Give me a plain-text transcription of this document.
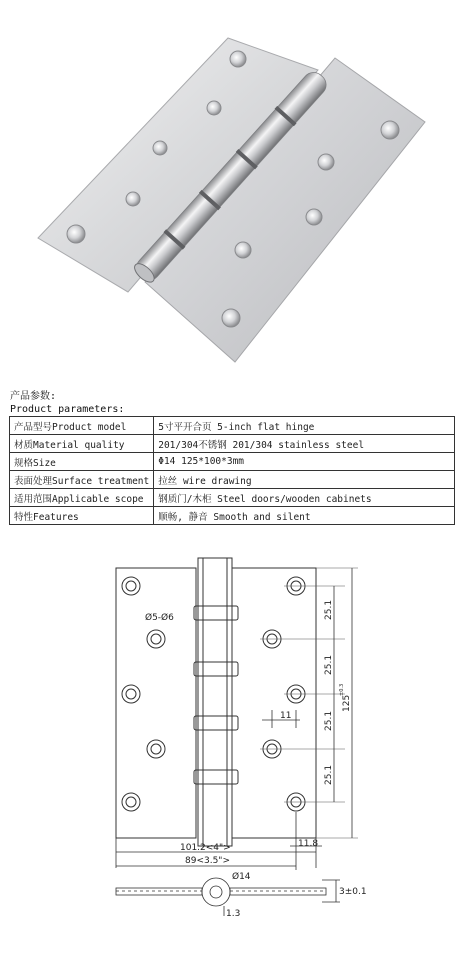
产品参数:
Product parameters:
产品型号Product model	5寸平开合页 5-inch flat hinge
材质Material quality	201/304不锈钢 201/304 stainless steel
规格Size	Φ14 125*100*3mm
表面处理Surface treatment	拉丝 wire drawing
适用范围Applicable scope	钢质门/木柜 Steel doors/wooden cabinets
特性Features	顺畅, 静音 Smooth and silent
Ø5-Ø6	25.1
25.1
25.1
25.1
125
±0.3
11
11.8
101.2<4">
89<3.5">
Ø14
3±0.1
1.3
